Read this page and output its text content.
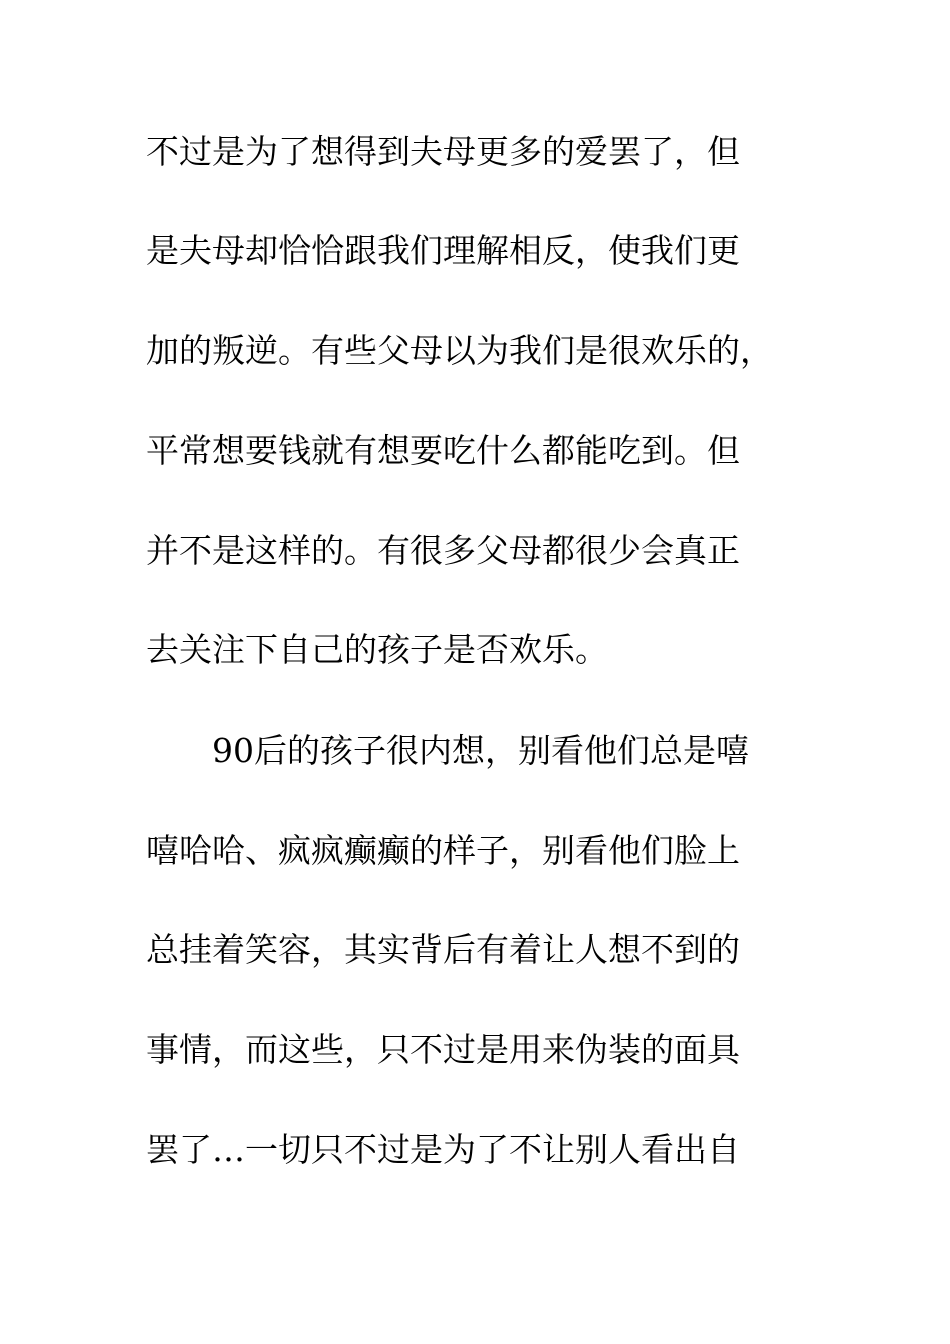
不过是为了想得到夫母更多的爱罢了，但
是夫母却恰恰跟我们理解相反，使我们更
加的叛逆。有些父母以为我们是很欢乐的，
平常想要钱就有想要吃什么都能吃到。但
并不是这样的。有很多父母都很少会真正
去关注下自己的孩子是否欢乐。
　　90后的孩子很内想，别看他们总是嘻
嘻哈哈、疯疯癫癫的样子，别看他们脸上
总挂着笑容，其实背后有着让人想不到的
事情，而这些，只不过是用来伪装的面具
罢了…一切只不过是为了不让别人看出自
